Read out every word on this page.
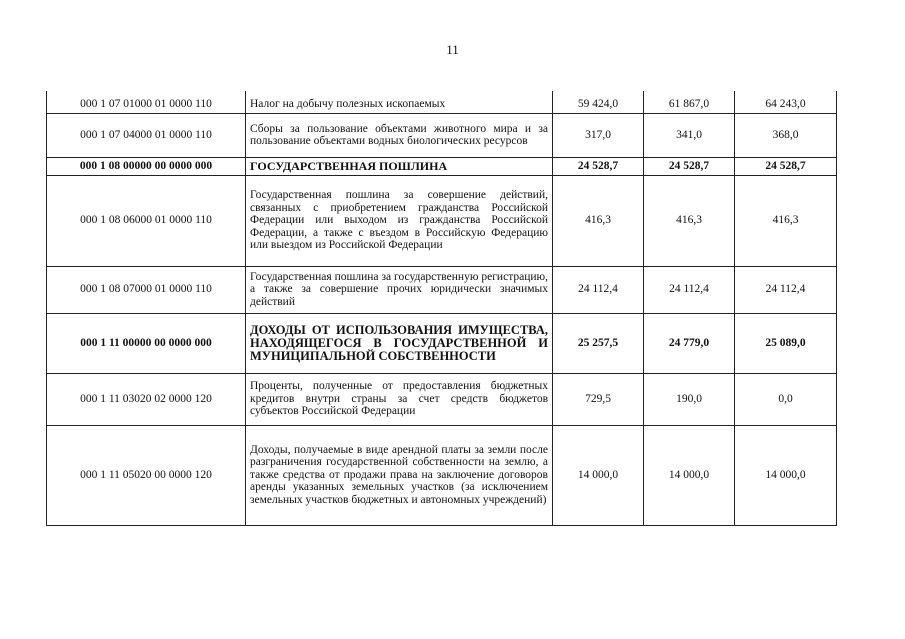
11
000 1 07 01000 01 0000 110	Налог на добычу полезных ископаемых	59 424,0	61 867,0	64 243,0
000 1 07 04000 01 0000 110	Сборы за пользование объектами животного мира и за пользование объектами водных биологических ресурсов	317,0	341,0	368,0
000 1 08 00000 00 0000 000	ГОСУДАРСТВЕННАЯ ПОШЛИНА	24 528,7	24 528,7	24 528,7
000 1 08 06000 01 0000 110	Государственная пошлина за совершение действий, связанных с приобретением гражданства Российской Федерации или выходом из гражданства Российской Федерации, а также с въездом в Российскую Федерацию или выездом из Российской Федерации	416,3	416,3	416,3
000 1 08 07000 01 0000 110	Государственная пошлина за государственную регистрацию, а также за совершение прочих юридически значимых действий	24 112,4	24 112,4	24 112,4
000 1 11 00000 00 0000 000	ДОХОДЫ ОТ ИСПОЛЬЗОВАНИЯ ИМУЩЕСТВА, НАХОДЯЩЕГОСЯ В ГОСУДАРСТВЕННОЙ И МУНИЦИПАЛЬНОЙ СОБСТВЕННОСТИ	25 257,5	24 779,0	25 089,0
000 1 11 03020 02 0000 120	Проценты, полученные от предоставления бюджетных кредитов внутри страны за счет средств бюджетов субъектов Российской Федерации	729,5	190,0	0,0
000 1 11 05020 00 0000 120	Доходы, получаемые в виде арендной платы за земли после разграничения государственной собственности на землю, а также средства от продажи права на заключение договоров аренды указанных земельных участков (за исключением земельных участков бюджетных и автономных учреждений)	14 000,0	14 000,0	14 000,0
